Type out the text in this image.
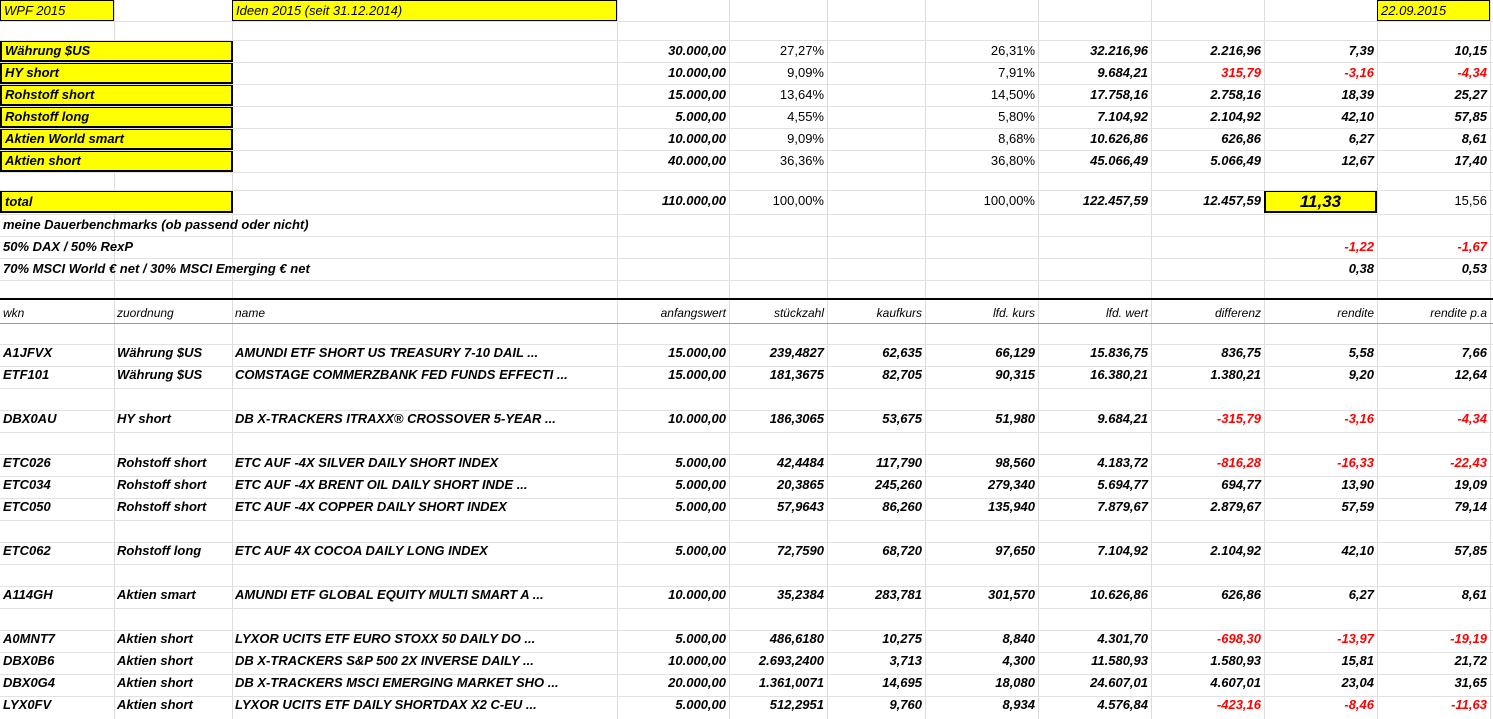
WPF 2015	Ideen 2015 (seit 31.12.2014)	22.09.2015
Währung $US	30.000,00	27,27%	26,31%	32.216,96	2.216,96	7,39	10,15
HY short	10.000,00	9,09%	7,91%	9.684,21	315,79	-3,16	-4,34
Rohstoff short	15.000,00	13,64%	14,50%	17.758,16	2.758,16	18,39	25,27
Rohstoff long	5.000,00	4,55%	5,80%	7.104,92	2.104,92	42,10	57,85
Aktien World smart	10.000,00	9,09%	8,68%	10.626,86	626,86	6,27	8,61
Aktien short	40.000,00	36,36%	36,80%	45.066,49	5.066,49	12,67	17,40
total	110.000,00	100,00%	100,00%	122.457,59	12.457,59	11,33	15,56
meine Dauerbenchmarks (ob passend oder nicht)
50% DAX / 50% RexP	-1,22	-1,67
70% MSCI World € net / 30% MSCI Emerging € net	0,38	0,53
wkn	zuordnung	name	anfangswert	stückzahl	kaufkurs	lfd. kurs	lfd. wert	differenz	rendite	rendite p.a
A1JFVX	Währung $US	AMUNDI ETF SHORT US TREASURY 7-10 DAIL ...	15.000,00	239,4827	62,635	66,129	15.836,75	836,75	5,58	7,66
ETF101	Währung $US	COMSTAGE COMMERZBANK FED FUNDS EFFECTI ...	15.000,00	181,3675	82,705	90,315	16.380,21	1.380,21	9,20	12,64
DBX0AU	HY short	DB X-TRACKERS ITRAXX® CROSSOVER 5-YEAR ...	10.000,00	186,3065	53,675	51,980	9.684,21	-315,79	-3,16	-4,34
ETC026	Rohstoff short	ETC AUF -4X SILVER DAILY SHORT INDEX	5.000,00	42,4484	117,790	98,560	4.183,72	-816,28	-16,33	-22,43
ETC034	Rohstoff short	ETC AUF -4X BRENT OIL DAILY SHORT INDE ...	5.000,00	20,3865	245,260	279,340	5.694,77	694,77	13,90	19,09
ETC050	Rohstoff short	ETC AUF -4X COPPER DAILY SHORT INDEX	5.000,00	57,9643	86,260	135,940	7.879,67	2.879,67	57,59	79,14
ETC062	Rohstoff long	ETC AUF 4X COCOA DAILY LONG INDEX	5.000,00	72,7590	68,720	97,650	7.104,92	2.104,92	42,10	57,85
A114GH	Aktien smart	AMUNDI ETF GLOBAL EQUITY MULTI SMART A ...	10.000,00	35,2384	283,781	301,570	10.626,86	626,86	6,27	8,61
A0MNT7	Aktien short	LYXOR UCITS ETF EURO STOXX 50 DAILY DO ...	5.000,00	486,6180	10,275	8,840	4.301,70	-698,30	-13,97	-19,19
DBX0B6	Aktien short	DB X-TRACKERS S&P 500 2X INVERSE DAILY ...	10.000,00	2.693,2400	3,713	4,300	11.580,93	1.580,93	15,81	21,72
DBX0G4	Aktien short	DB X-TRACKERS MSCI EMERGING MARKET SHO ...	20.000,00	1.361,0071	14,695	18,080	24.607,01	4.607,01	23,04	31,65
LYX0FV	Aktien short	LYXOR UCITS ETF DAILY SHORTDAX X2 C-EU ...	5.000,00	512,2951	9,760	8,934	4.576,84	-423,16	-8,46	-11,63
